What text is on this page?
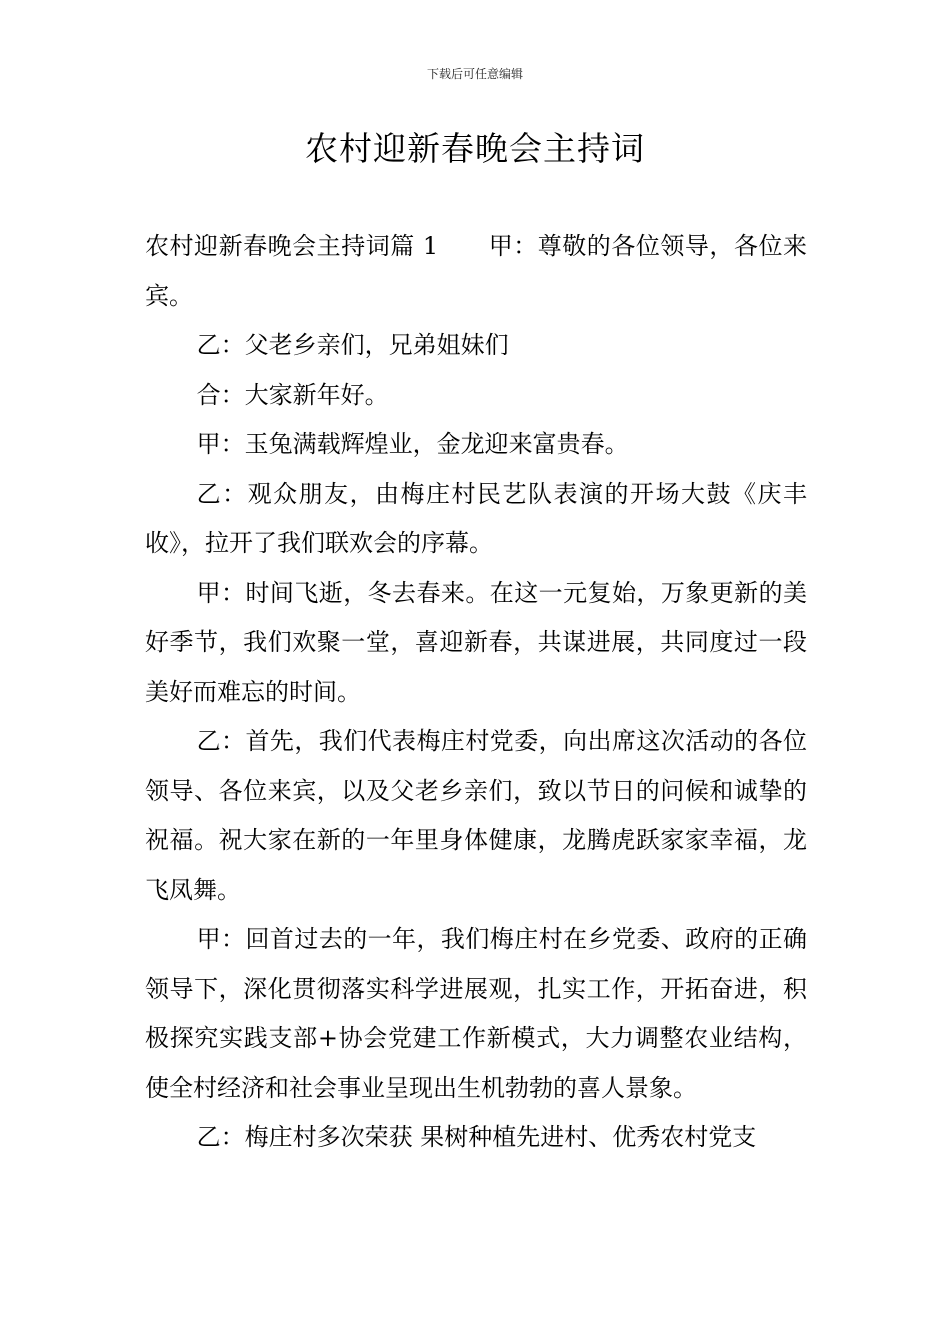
下载后可任意编辑
农村迎新春晚会主持词

农村迎新春晚会主持词篇 1 甲：尊敬的各位领导，各位来宾。

乙：父老乡亲们，兄弟姐妹们

合：大家新年好。

甲：玉兔满载辉煌业，金龙迎来富贵春。

乙：观众朋友，由梅庄村民艺队表演的开场大鼓《庆丰收》，拉开了我们联欢会的序幕。

甲：时间飞逝，冬去春来。在这一元复始，万象更新的美好季节，我们欢聚一堂，喜迎新春，共谋进展，共同度过一段美好而难忘的时间。

乙：首先，我们代表梅庄村党委，向出席这次活动的各位领导、各位来宾，以及父老乡亲们，致以节日的问候和诚挚的祝福。祝大家在新的一年里身体健康，龙腾虎跃家家幸福，龙飞凤舞。

甲：回首过去的一年，我们梅庄村在乡党委、政府的正确领导下，深化贯彻落实科学进展观，扎实工作，开拓奋进，积极探究实践支部+协会党建工作新模式，大力调整农业结构，使全村经济和社会事业呈现出生机勃勃的喜人景象。

乙：梅庄村多次荣获 果树种植先进村、优秀农村党支
